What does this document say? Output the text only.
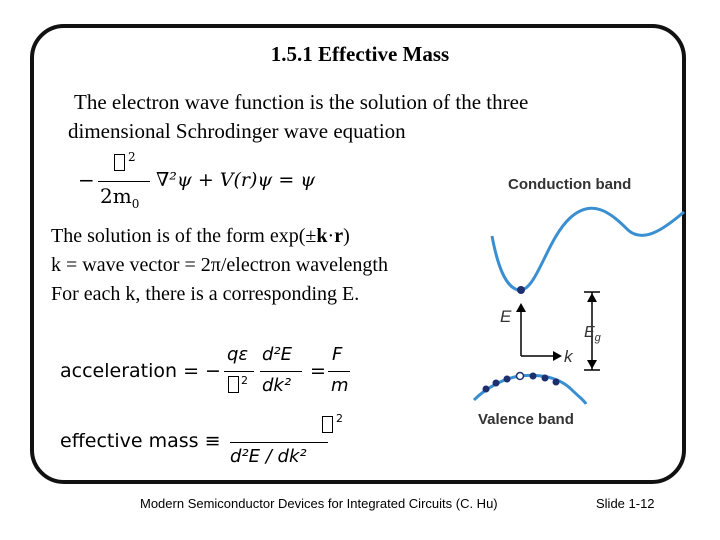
1.5.1 Effective Mass
The electron wave function is the solution of the three
dimensional Schrodinger wave equation
−
2
$2m_0$
∇²ψ + V(r)ψ = ψ
The solution is of the form exp(±k·r)
k = wave vector = 2π/electron wavelength
For each k, there is a corresponding E.
acceleration = −
qε
2
d²E
dk²
=
F
m
effective mass ≡
2
d²E / dk²
Conduction band
E
k
$E_g$
Valence band
Modern Semiconductor Devices for Integrated Circuits (C. Hu)	Slide 1-12
